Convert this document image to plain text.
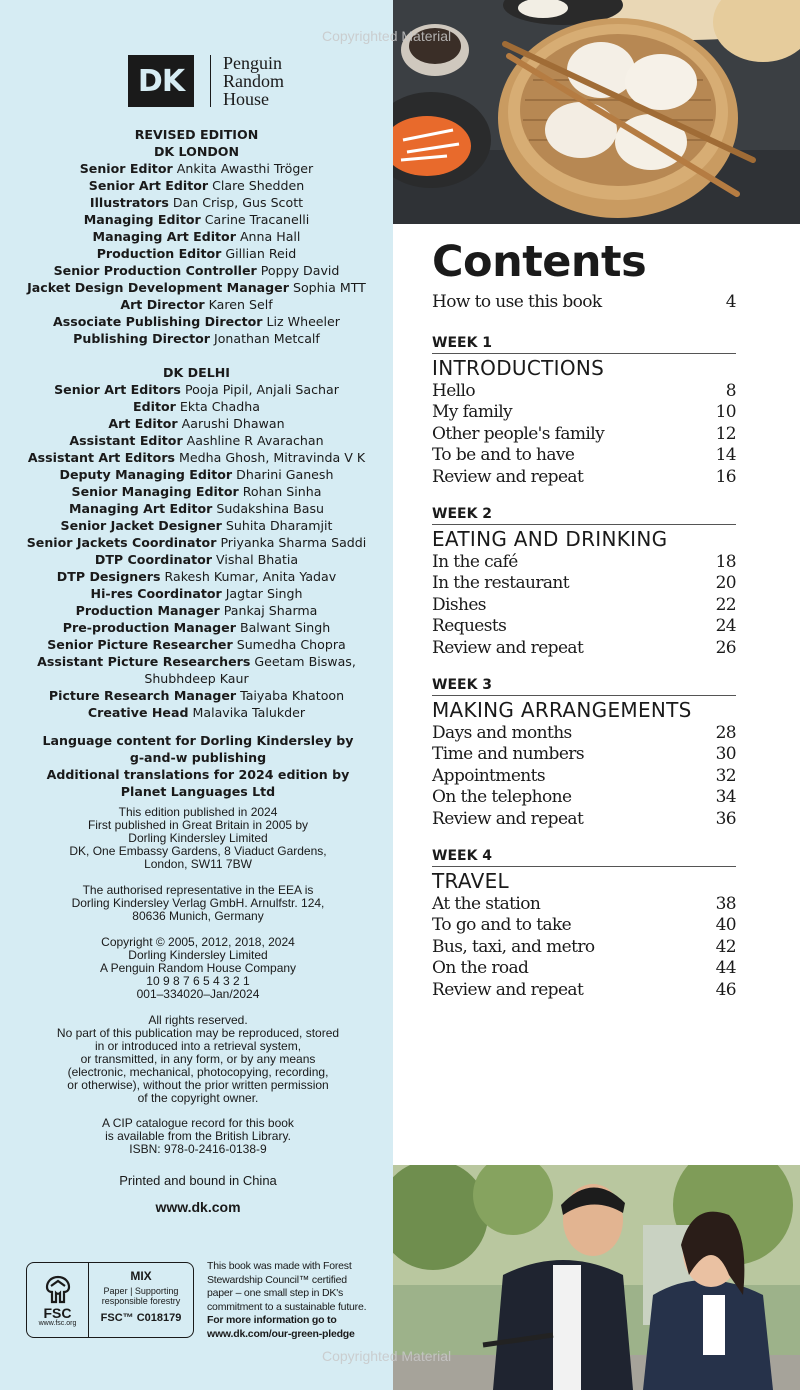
DK
Penguin
Random
House
REVISED EDITION
DK LONDON
Senior Editor Ankita Awasthi Tröger
Senior Art Editor Clare Shedden
Illustrators Dan Crisp, Gus Scott
Managing Editor Carine Tracanelli
Managing Art Editor Anna Hall
Production Editor Gillian Reid
Senior Production Controller Poppy David
Jacket Design Development Manager Sophia MTT
Art Director Karen Self
Associate Publishing Director Liz Wheeler
Publishing Director Jonathan Metcalf
DK DELHI
Senior Art Editors Pooja Pipil, Anjali Sachar
Editor Ekta Chadha
Art Editor Aarushi Dhawan
Assistant Editor Aashline R Avarachan
Assistant Art Editors Medha Ghosh, Mitravinda V K
Deputy Managing Editor Dharini Ganesh
Senior Managing Editor Rohan Sinha
Managing Art Editor Sudakshina Basu
Senior Jacket Designer Suhita Dharamjit
Senior Jackets Coordinator Priyanka Sharma Saddi
DTP Coordinator Vishal Bhatia
DTP Designers Rakesh Kumar, Anita Yadav
Hi-res Coordinator Jagtar Singh
Production Manager Pankaj Sharma
Pre-production Manager Balwant Singh
Senior Picture Researcher Sumedha Chopra
Assistant Picture Researchers Geetam Biswas,
Shubhdeep Kaur
Picture Research Manager Taiyaba Khatoon
Creative Head Malavika Talukder
Language content for Dorling Kindersley by
g-and-w publishing
Additional translations for 2024 edition by
Planet Languages Ltd
This edition published in 2024
First published in Great Britain in 2005 by
Dorling Kindersley Limited
DK, One Embassy Gardens, 8 Viaduct Gardens,
London, SW11 7BW
The authorised representative in the EEA is
Dorling Kindersley Verlag GmbH. Arnulfstr. 124,
80636 Munich, Germany
Copyright © 2005, 2012, 2018, 2024
Dorling Kindersley Limited
A Penguin Random House Company
10 9 8 7 6 5 4 3 2 1
001–334020–Jan/2024
All rights reserved.
No part of this publication may be reproduced, stored
in or introduced into a retrieval system,
or transmitted, in any form, or by any means
(electronic, mechanical, photocopying, recording,
or otherwise), without the prior written permission
of the copyright owner.
A CIP catalogue record for this book
is available from the British Library.
ISBN: 978-0-2416-0138-9
Printed and bound in China
www.dk.com
FSC
www.fsc.org
MIX
Paper | Supporting
responsible forestry
FSC™ C018179
This book was made with Forest
Stewardship Council™ certified
paper – one small step in DK's
commitment to a sustainable future.
For more information go to
www.dk.com/our-green-pledge
Contents
How to use this book	4
WEEK 1
INTRODUCTIONS
Hello	8
My family	10
Other people's family	12
To be and to have	14
Review and repeat	16
WEEK 2
EATING AND DRINKING
In the café	18
In the restaurant	20
Dishes	22
Requests	24
Review and repeat	26
WEEK 3
MAKING ARRANGEMENTS
Days and months	28
Time and numbers	30
Appointments	32
On the telephone	34
Review and repeat	36
WEEK 4
TRAVEL
At the station	38
To go and to take	40
Bus, taxi, and metro	42
On the road	44
Review and repeat	46
Copyrighted Material
Copyrighted Material
